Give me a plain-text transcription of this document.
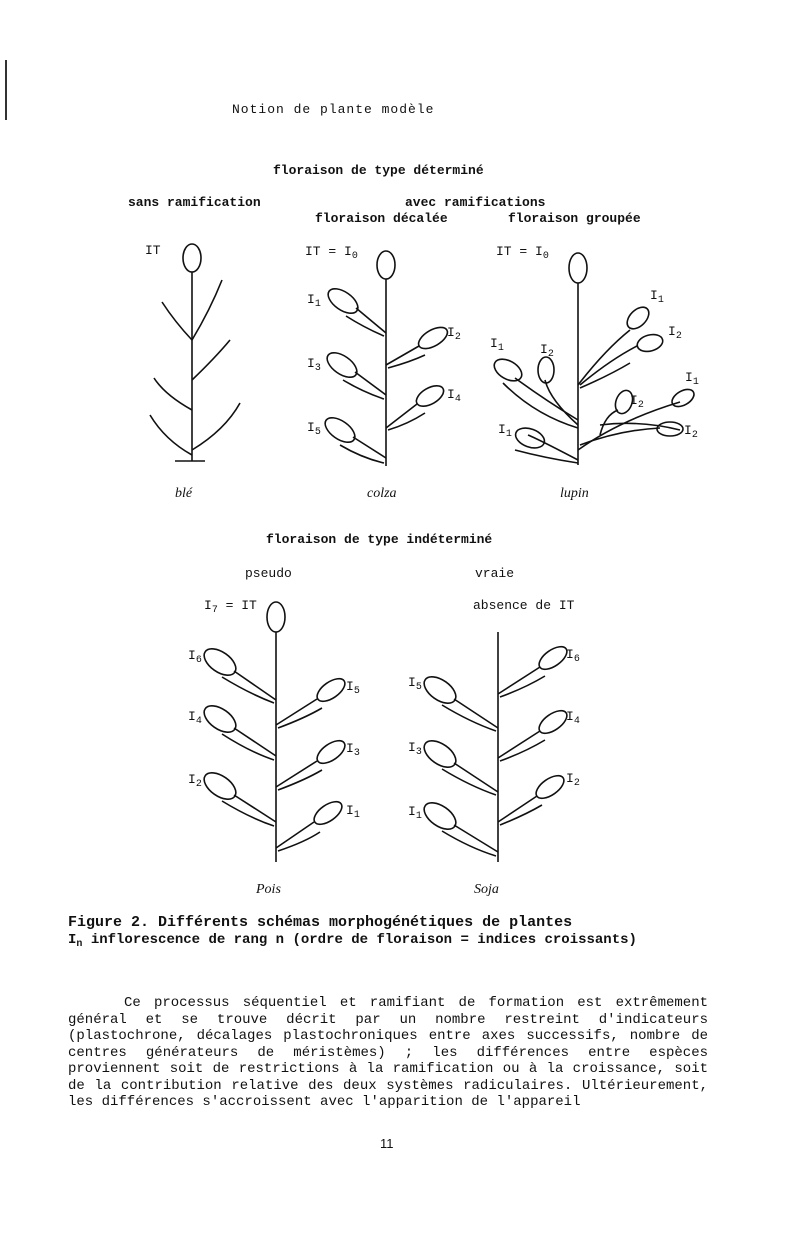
Notion de plante modèle
floraison de type déterminé
sans ramification	avec ramifications
floraison décalée	floraison groupée
IT
blé
IT = $I_0$
$I_1$
$I_2$
$I_3$
$I_4$
$I_5$
colza
IT = $I_0$
$I_1$
$I_1$
$I_2$
$I_2$
$I_1$
$I_2$
$I_1$	$I_2$
lupin
floraison de type indéterminé
pseudo	vraie
$I_7$ = IT	absence de IT
$I_6$
$I_5$
$I_4$
$I_3$
$I_2$
$I_1$
Pois
$I_6$
$I_5$
$I_4$
$I_3$
$I_2$
$I_1$
Soja
Figure 2. Différents schémas morphogénétiques de plantes
$I_n$ inflorescence de rang n (ordre de floraison = indices croissants)
Ce processus séquentiel et ramifiant de formation est extrêmement général et se trouve décrit par un nombre restreint d'indicateurs (plastochrone, décalages plastochroniques entre axes successifs, nombre de centres générateurs de méristèmes) ; les différences entre espèces proviennent soit de restrictions à la ramification ou à la croissance, soit de la contribution relative des deux systèmes radiculaires. Ultérieurement, les différences s'accroissent avec l'apparition de l'appareil
11
